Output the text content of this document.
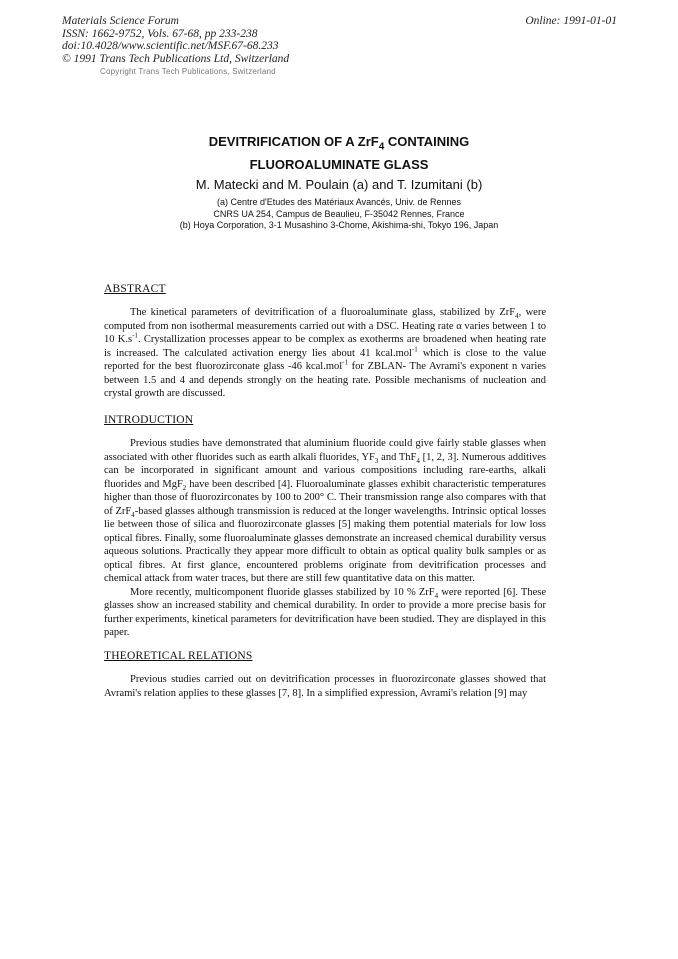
Materials Science Forum
ISSN: 1662-9752, Vols. 67-68, pp 233-238
doi:10.4028/www.scientific.net/MSF.67-68.233
© 1991 Trans Tech Publications Ltd, Switzerland
Online: 1991-01-01
Copyright Trans Tech Publications, Switzerland
DEVITRIFICATION OF A ZrF$_4$ CONTAINING
FLUOROALUMINATE GLASS
M. Matecki and M. Poulain (a) and T. Izumitani (b)
(a) Centre d'Etudes des Matériaux Avancés, Univ. de Rennes
CNRS UA 254, Campus de Beaulieu, F-35042 Rennes, France
(b) Hoya Corporation, 3-1 Musashino 3-Chome, Akishima-shi, Tokyo 196, Japan
ABSTRACT

The kinetical parameters of devitrification of a fluoroaluminate glass, stabilized by ZrF$_4$, were computed from non isothermal measurements carried out with a DSC. Heating rate α varies between 1 to 10 $K.s^{-1}$. Crystallization processes appear to be complex as exotherms are broadened when heating rate is increased. The calculated activation energy lies about 41 kcal.mol$^{-1}$ which is close to the value reported for the best fluorozirconate glass -46 kcal.mol$^{-1}$ for ZBLAN- The Avrami's exponent n varies between 1.5 and 4 and depends strongly on the heating rate. Possible mechanisms of nucleation and crystal growth are discussed.

INTRODUCTION

Previous studies have demonstrated that aluminium fluoride could give fairly stable glasses when associated with other fluorides such as earth alkali fluorides, $YF_3$ and ThF$_4$ [1, 2, 3]. Numerous additives can be incorporated in significant amount and various compositions including rare-earths, alkali fluorides and MgF$_2$ have been described [4]. Fluoroaluminate glasses exhibit characteristic temperatures higher than those of fluorozirconates by 100 to 200° C. Their transmission range also compares with that of ZrF$_4$-based glasses although transmission is reduced at the longer wavelengths. Intrinsic optical losses lie between those of silica and fluorozirconate glasses [5] making them potential materials for low loss optical fibres. Finally, some fluoroaluminate glasses demonstrate an increased chemical durability versus aqueous solutions. Practically they appear more difficult to obtain as optical quality bulk samples or as optical fibres. At first glance, encountered problems originate from devitrification processes and chemical attack from water traces, but there are still few quantitative data on this matter.

More recently, multicomponent fluoride glasses stabilized by 10 % ZrF$_4$ were reported [6]. These glasses show an increased stability and chemical durability. In order to provide a more precise basis for further experiments, kinetical parameters for devitrification have been studied. They are displayed in this paper.

THEORETICAL RELATIONS

Previous studies carried out on devitrification processes in fluorozirconate glasses showed that Avrami's relation applies to these glasses [7, 8]. In a simplified expression, Avrami's relation [9] may
